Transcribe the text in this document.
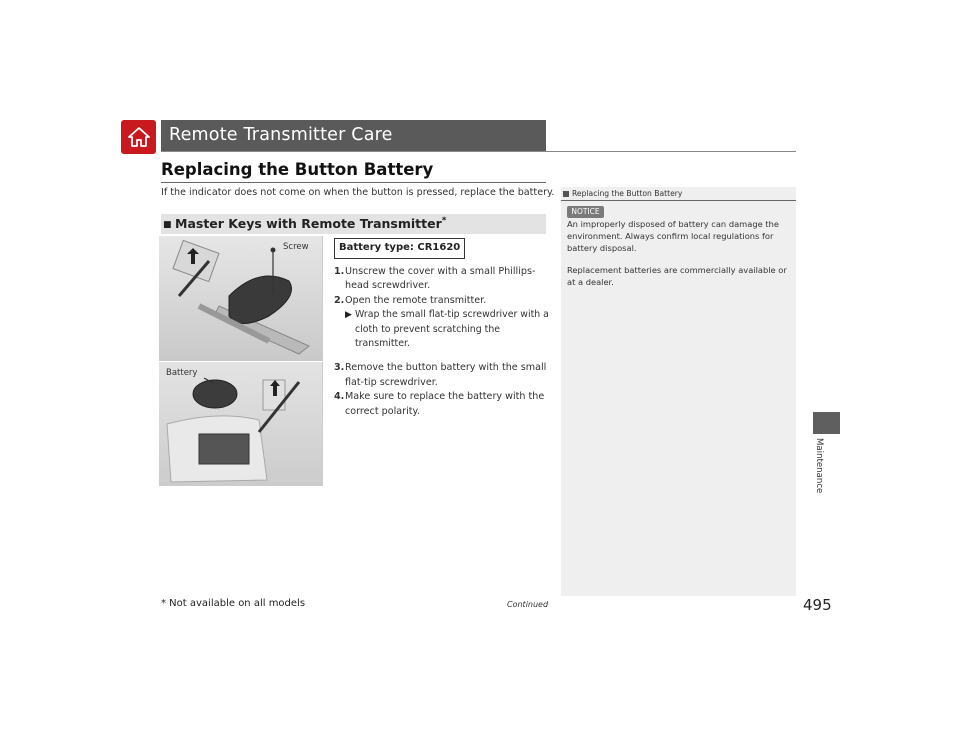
Remote Transmitter Care
Replacing the Button Battery
If the indicator does not come on when the button is pressed, replace the battery.
■ Master Keys with Remote Transmitter*
Screw
Battery
Battery type: CR1620
1. Unscrew the cover with a small Phillips-head screwdriver.
2. Open the remote transmitter.
▶ Wrap the small flat-tip screwdriver with a cloth to prevent scratching the transmitter.
3. Remove the button battery with the small flat-tip screwdriver.
4. Make sure to replace the battery with the correct polarity.
Replacing the Button Battery
NOTICE

An improperly disposed of battery can damage the environment. Always confirm local regulations for battery disposal.

Replacement batteries are commercially available or at a dealer.

Maintenance
* Not available on all models	Continued	495
